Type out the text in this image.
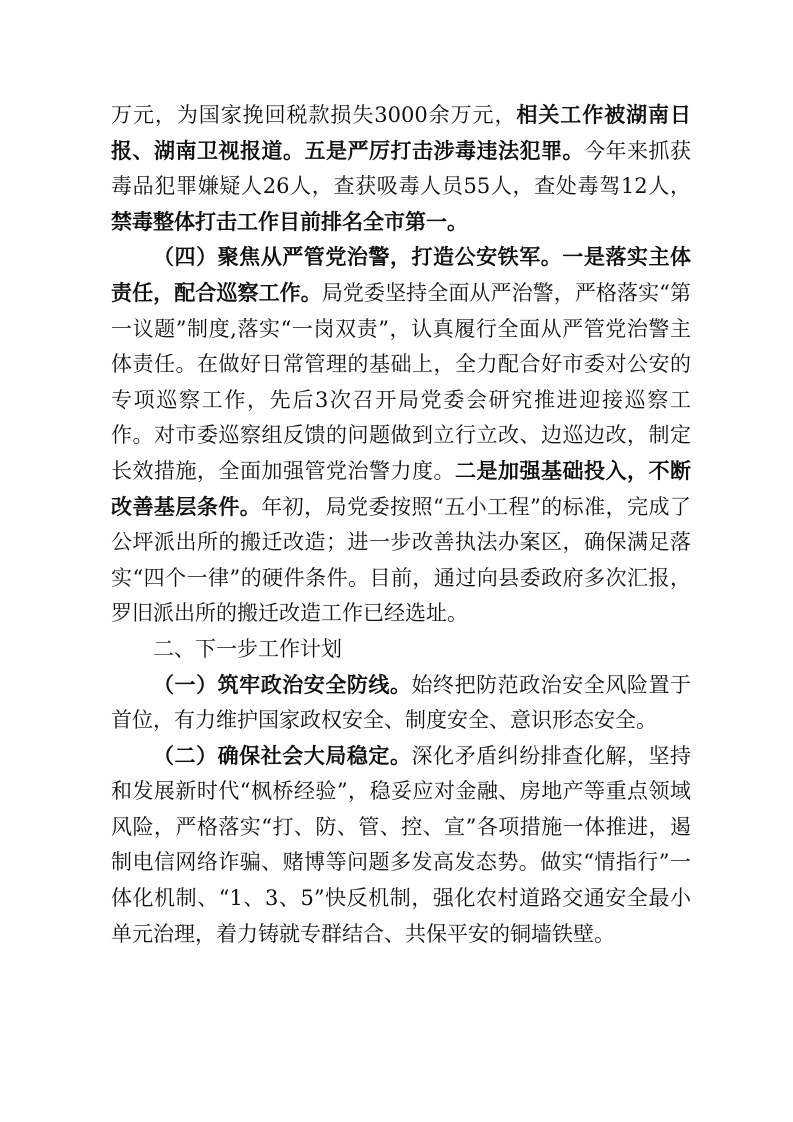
万元，为国家挽回税款损失3000余万元，相关工作被湖南日报、湖南卫视报道。五是严厉打击涉毒违法犯罪。今年来抓获毒品犯罪嫌疑人26人，查获吸毒人员55人，查处毒驾12人，禁毒整体打击工作目前排名全市第一。

（四）聚焦从严管党治警，打造公安铁军。一是落实主体责任，配合巡察工作。局党委坚持全面从严治警，严格落实“第一议题”制度,落实“一岗双责”，认真履行全面从严管党治警主体责任。在做好日常管理的基础上，全力配合好市委对公安的专项巡察工作，先后3次召开局党委会研究推进迎接巡察工作。对市委巡察组反馈的问题做到立行立改、边巡边改，制定长效措施，全面加强管党治警力度。二是加强基础投入，不断改善基层条件。年初，局党委按照“五小工程”的标准，完成了公坪派出所的搬迁改造；进一步改善执法办案区，确保满足落实“四个一律”的硬件条件。目前，通过向县委政府多次汇报，罗旧派出所的搬迁改造工作已经选址。

二、下一步工作计划

（一）筑牢政治安全防线。始终把防范政治安全风险置于首位，有力维护国家政权安全、制度安全、意识形态安全。

（二）确保社会大局稳定。深化矛盾纠纷排查化解，坚持和发展新时代“枫桥经验”，稳妥应对金融、房地产等重点领域风险，严格落实“打、防、管、控、宣”各项措施一体推进，遏制电信网络诈骗、赌博等问题多发高发态势。做实“情指行”一体化机制、“1、3、5”快反机制，强化农村道路交通安全最小单元治理，着力铸就专群结合、共保平安的铜墙铁壁。
